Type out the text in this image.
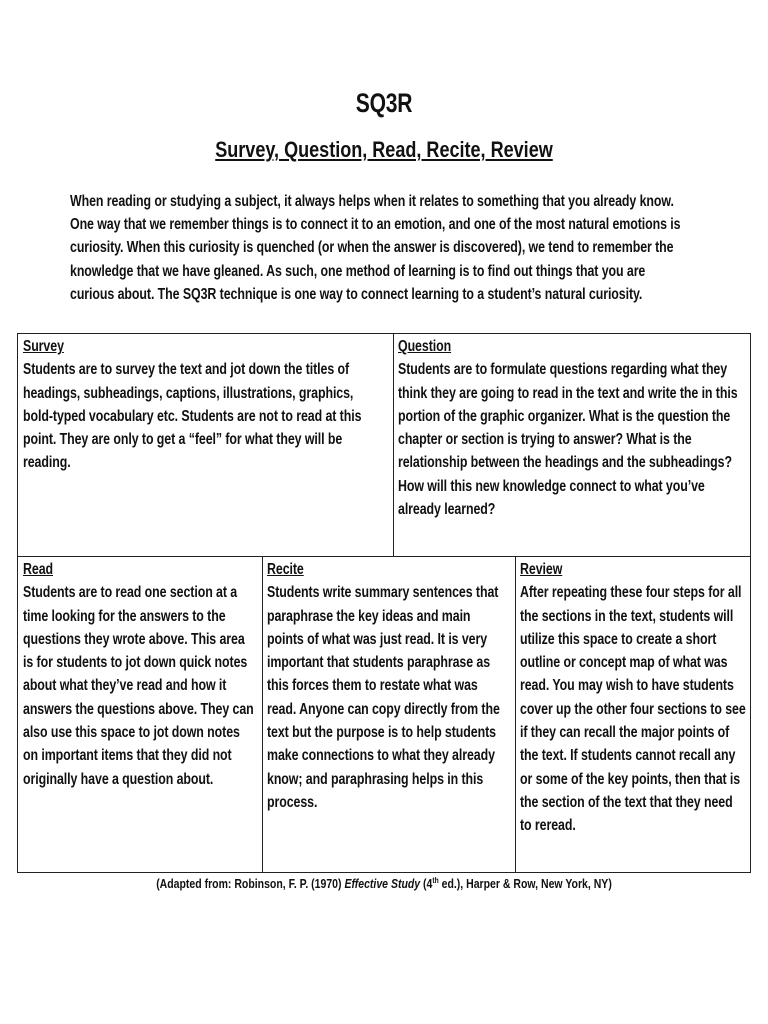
SQ3R
Survey, Question, Read, Recite, Review
When reading or studying a subject, it always helps when it relates to something that you already know. One way that we remember things is to connect it to an emotion, and one of the most natural emotions is curiosity. When this curiosity is quenched (or when the answer is discovered), we tend to remember the knowledge that we have gleaned. As such, one method of learning is to find out things that you are curious about. The SQ3R technique is one way to connect learning to a student’s natural curiosity.
Survey
Students are to survey the text and jot down the titles of headings, subheadings, captions, illustrations, graphics, bold-typed vocabulary etc. Students are not to read at this point. They are only to get a “feel” for what they will be reading.
Question
Students are to formulate questions regarding what they think they are going to read in the text and write the in this portion of the graphic organizer. What is the question the chapter or section is trying to answer? What is the relationship between the headings and the subheadings? How will this new knowledge connect to what you’ve already learned?
Read
Students are to read one section at a time looking for the answers to the questions they wrote above. This area is for students to jot down quick notes about what they’ve read and how it answers the questions above. They can also use this space to jot down notes on important items that they did not originally have a question about.
Recite
Students write summary sentences that paraphrase the key ideas and main points of what was just read. It is very important that students paraphrase as this forces them to restate what was read. Anyone can copy directly from the text but the purpose is to help students make connections to what they already know; and paraphrasing helps in this process.
Review
After repeating these four steps for all the sections in the text, students will utilize this space to create a short outline or concept map of what was read. You may wish to have students cover up the other four sections to see if they can recall the major points of the text. If students cannot recall any or some of the key points, then that is the section of the text that they need to reread.
(Adapted from: Robinson, F. P. (1970) Effective Study (4th ed.), Harper & Row, New York, NY)
